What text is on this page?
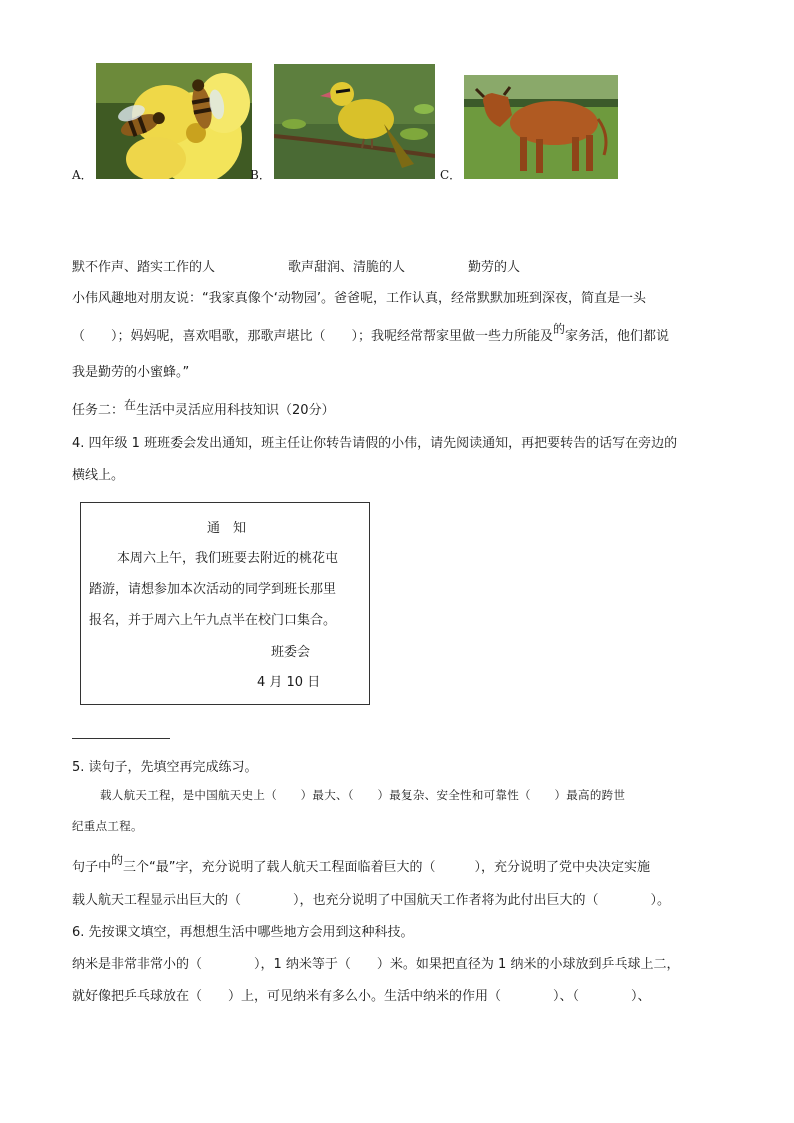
A．	B．	C．
默不作声、踏实工作的人	歌声甜润、清脆的人	勤劳的人
小伟风趣地对朋友说：“我家真像个‘动物园’。爸爸呢，工作认真，经常默默加班到深夜，简直是一头
（　　）；妈妈呢，喜欢唱歌，那歌声堪比（　　）；我呢经常帮家里做一些力所能及的家务活，他们都说
我是勤劳的小蜜蜂。”
任务二：在生活中灵活应用科技知识（20分）
4. 四年级 1 班班委会发出通知，班主任让你转告请假的小伟，请先阅读通知，再把要转告的话写在旁边的
横线上。
通　知
本周六上午，我们班要去附近的桃花屯
踏游，请想参加本次活动的同学到班长那里
报名，并于周六上午九点半在校门口集合。
班委会
4 月 10 日
5. 读句子，先填空再完成练习。
载人航天工程，是中国航天史上（　　）最大、（　　）最复杂、安全性和可靠性（　　）最高的跨世
纪重点工程。
句子中的三个“最”字，充分说明了载人航天工程面临着巨大的（　　　），充分说明了党中央决定实施
载人航天工程显示出巨大的（　　　　），也充分说明了中国航天工作者将为此付出巨大的（　　　　）。
6. 先按课文填空，再想想生活中哪些地方会用到这种科技。
纳米是非常非常小的（　　　　），1 纳米等于（　　）米。如果把直径为 1 纳米的小球放到乒乓球上二，
就好像把乒乓球放在（　　）上，可见纳米有多么小。生活中纳米的作用（　　　　）、（　　　　）、
